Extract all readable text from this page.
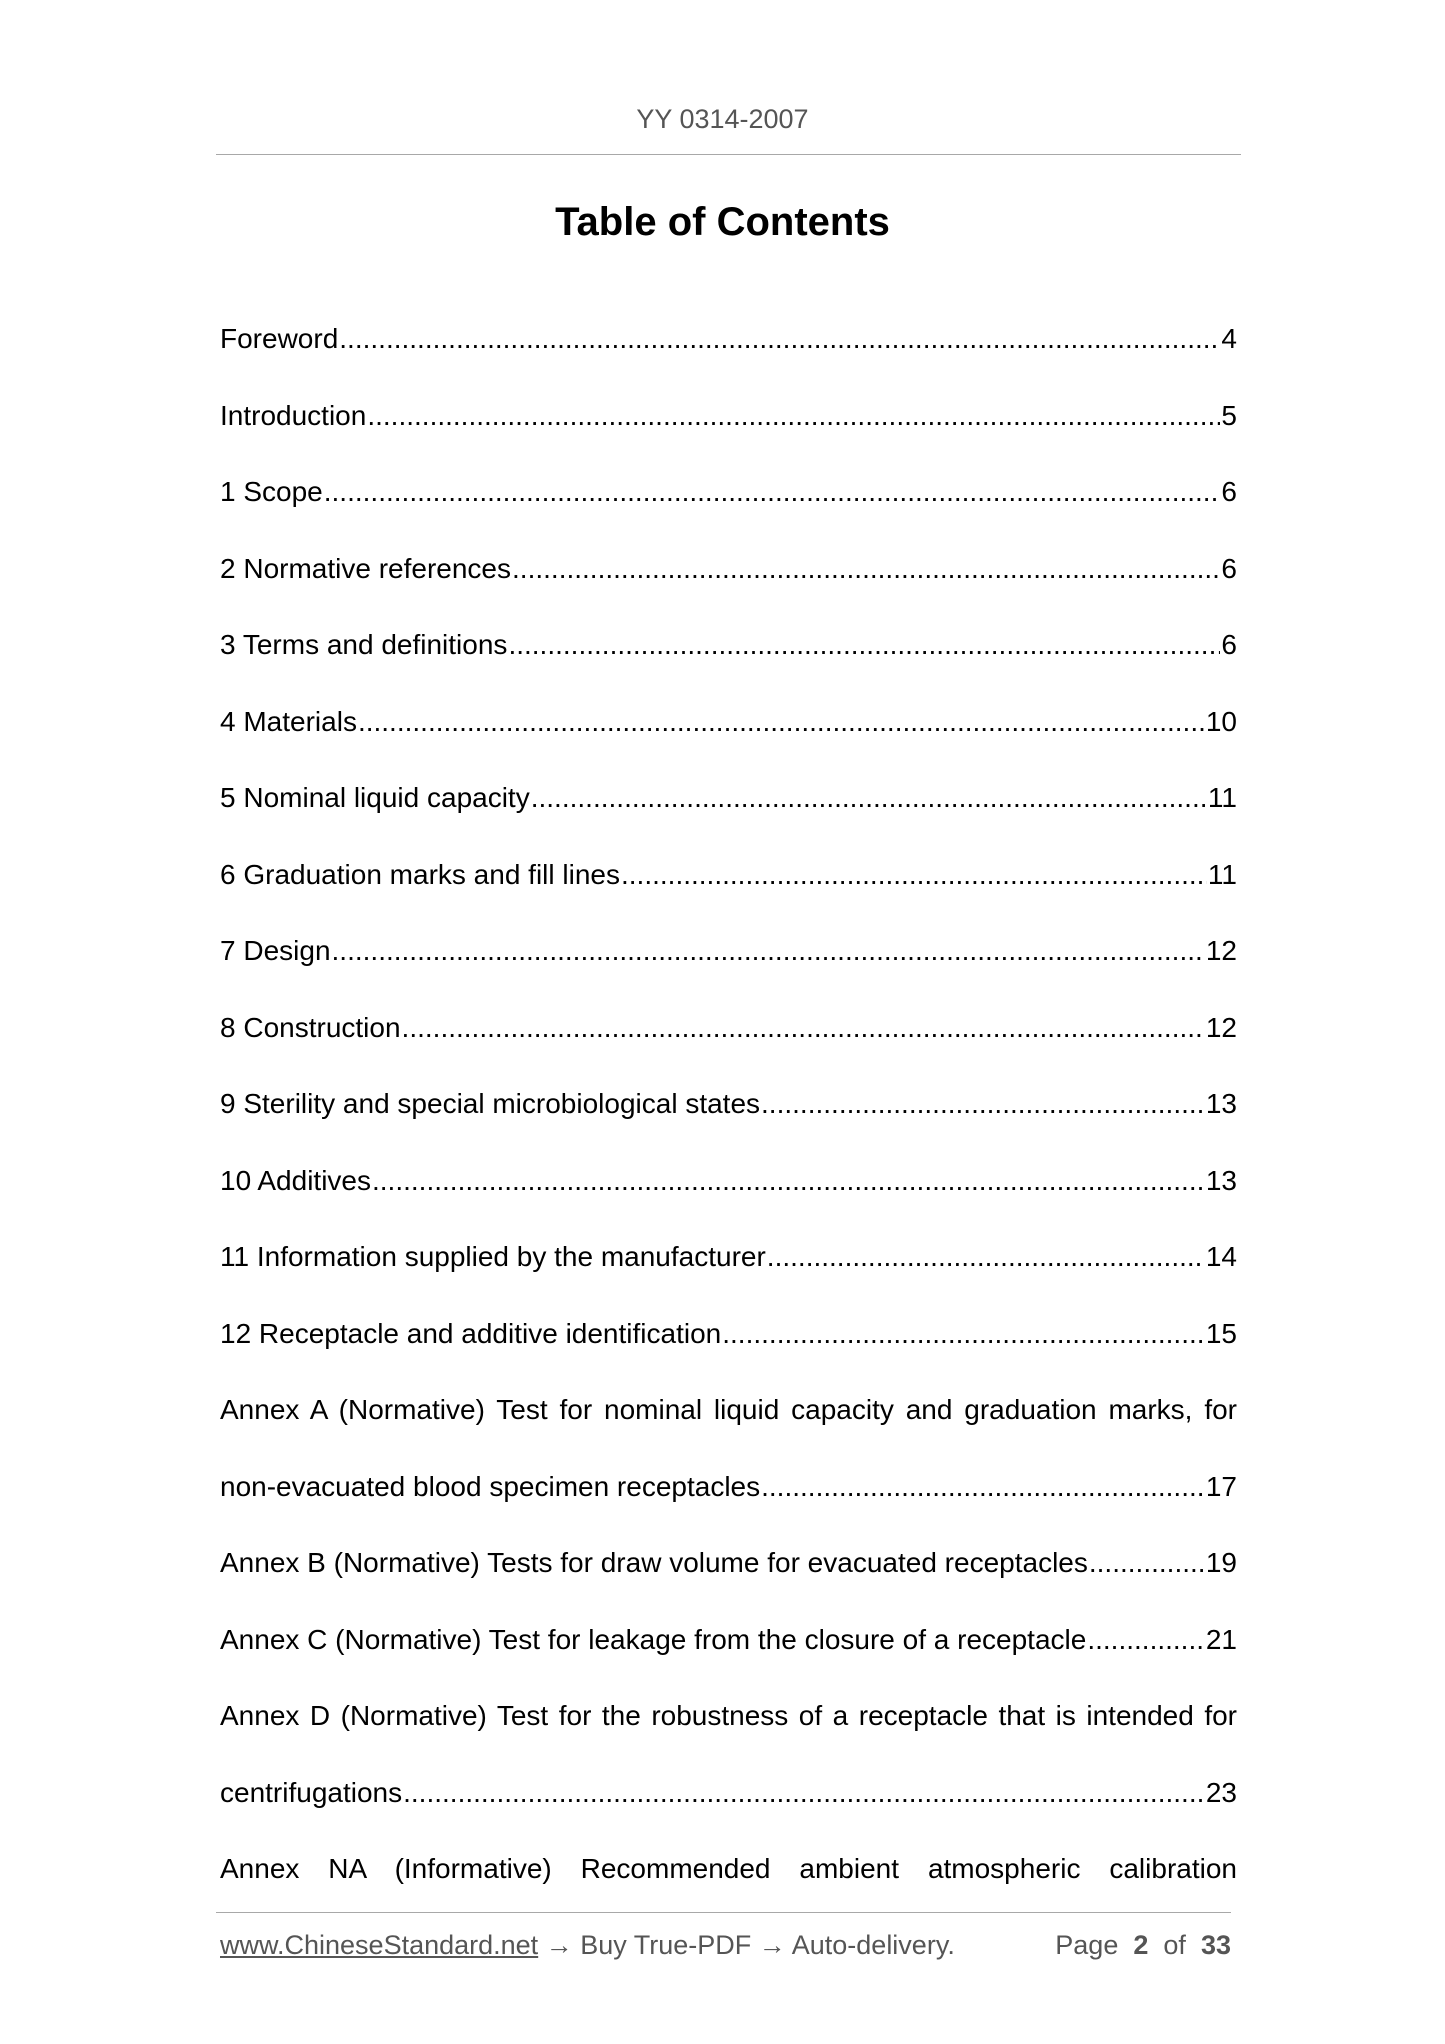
YY 0314-2007
Table of Contents
Foreword .....	4
Introduction .....	5
1 Scope .....	6
2 Normative references .....	6
3 Terms and definitions .....	6
4 Materials .....	10
5 Nominal liquid capacity .....	11
6 Graduation marks and fill lines .....	11
7 Design .....	12
8 Construction .....	12
9 Sterility and special microbiological states .....	13
10 Additives .....	13
11 Information supplied by the manufacturer .....	14
12 Receptacle and additive identification .....	15
Annex A (Normative) Test for nominal liquid capacity and graduation marks, for
non-evacuated blood specimen receptacles .....	17
Annex B (Normative) Tests for draw volume for evacuated receptacles .....	19
Annex C (Normative) Test for leakage from the closure of a receptacle .....	21
Annex D (Normative) Test for the robustness of a receptacle that is intended for
centrifugations .....	23
Annex NA (Informative) Recommended ambient atmospheric calibration
www.ChineseStandard.net → Buy True-PDF → Auto-delivery.	Page 2 of 33
